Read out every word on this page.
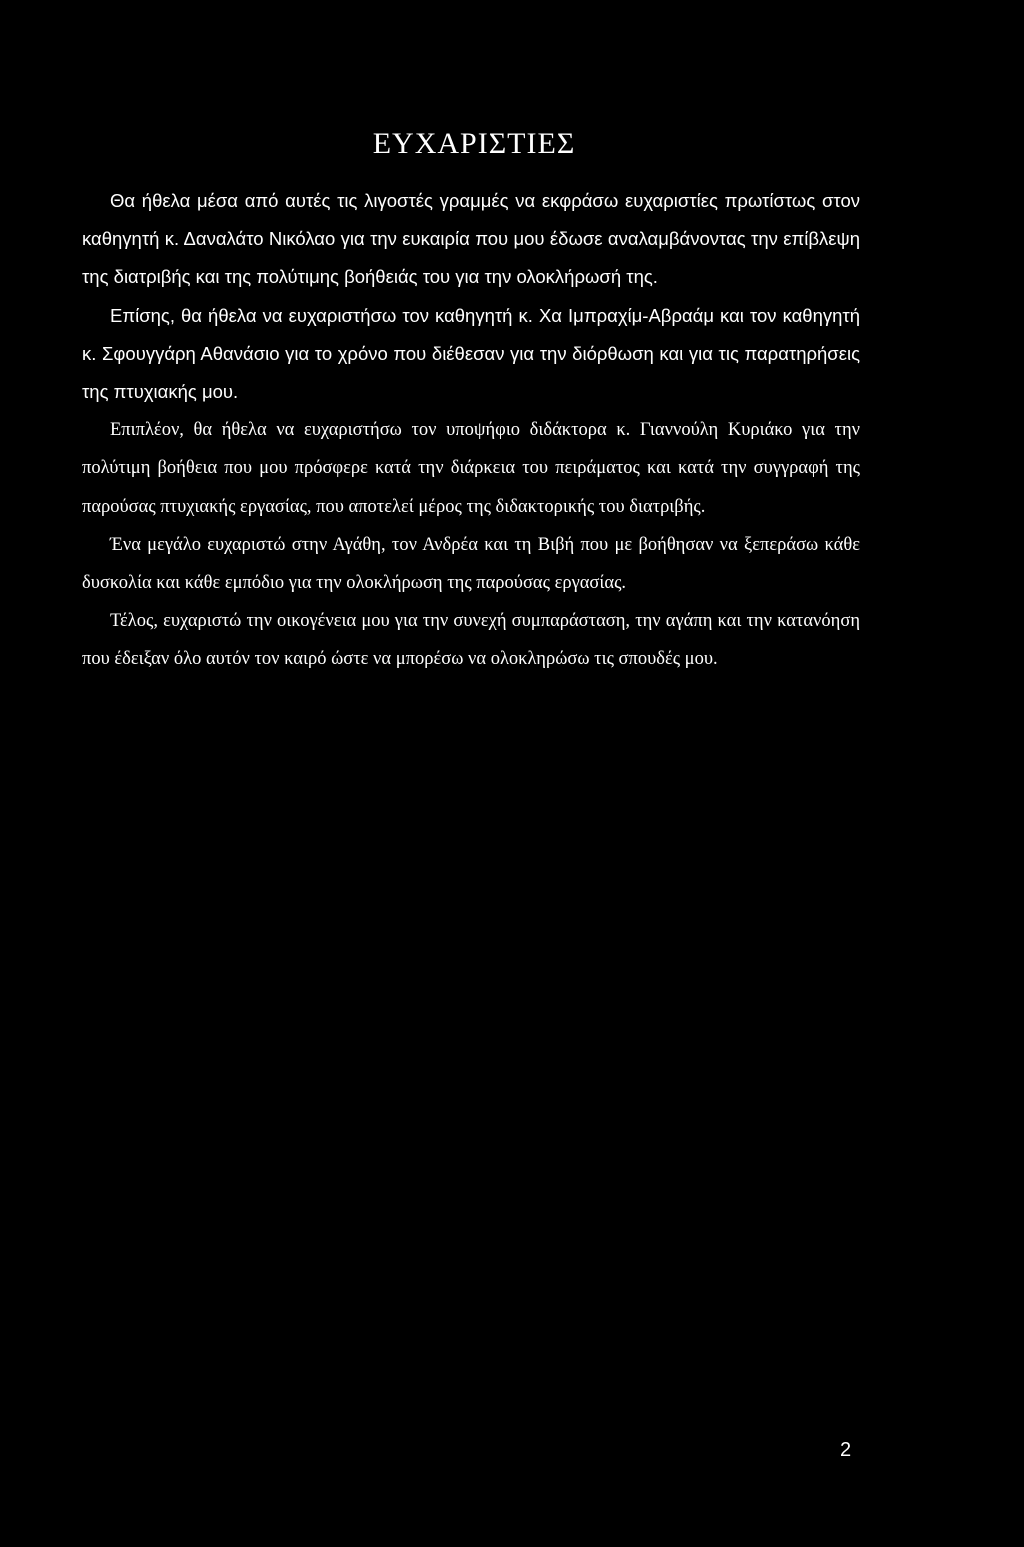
ΕΥΧΑΡΙΣΤΙΕΣ

Θα ήθελα μέσα από αυτές τις λιγοστές γραμμές να εκφράσω ευχαριστίες πρωτίστως στον καθηγητή κ. Δαναλάτο Νικόλαο για την ευκαιρία που μου έδωσε αναλαμβάνοντας την επίβλεψη της διατριβής και της πολύτιμης βοήθειάς του για την ολοκλήρωσή της.

Επίσης, θα ήθελα να ευχαριστήσω τον καθηγητή κ. Χα Ιμπραχίμ-Αβραάμ και τον καθηγητή κ. Σφουγγάρη Αθανάσιο για το χρόνο που διέθεσαν για την διόρθωση και για τις παρατηρήσεις της πτυχιακής μου.

Επιπλέον, θα ήθελα να ευχαριστήσω τον υποψήφιο διδάκτορα κ. Γιαννούλη Κυριάκο για την πολύτιμη βοήθεια που μου πρόσφερε κατά την διάρκεια του πειράματος και κατά την συγγραφή της παρούσας πτυχιακής εργασίας, που αποτελεί μέρος της διδακτορικής του διατριβής.

Ένα μεγάλο ευχαριστώ στην Αγάθη, τον Ανδρέα και τη Βιβή που με βοήθησαν να ξεπεράσω κάθε δυσκολία και κάθε εμπόδιο για την ολοκλήρωση της παρούσας εργασίας.

Τέλος, ευχαριστώ την οικογένεια μου για την συνεχή συμπαράσταση, την αγάπη και την κατανόηση που έδειξαν όλο αυτόν τον καιρό ώστε να μπορέσω να ολοκληρώσω τις σπουδές μου.

2
